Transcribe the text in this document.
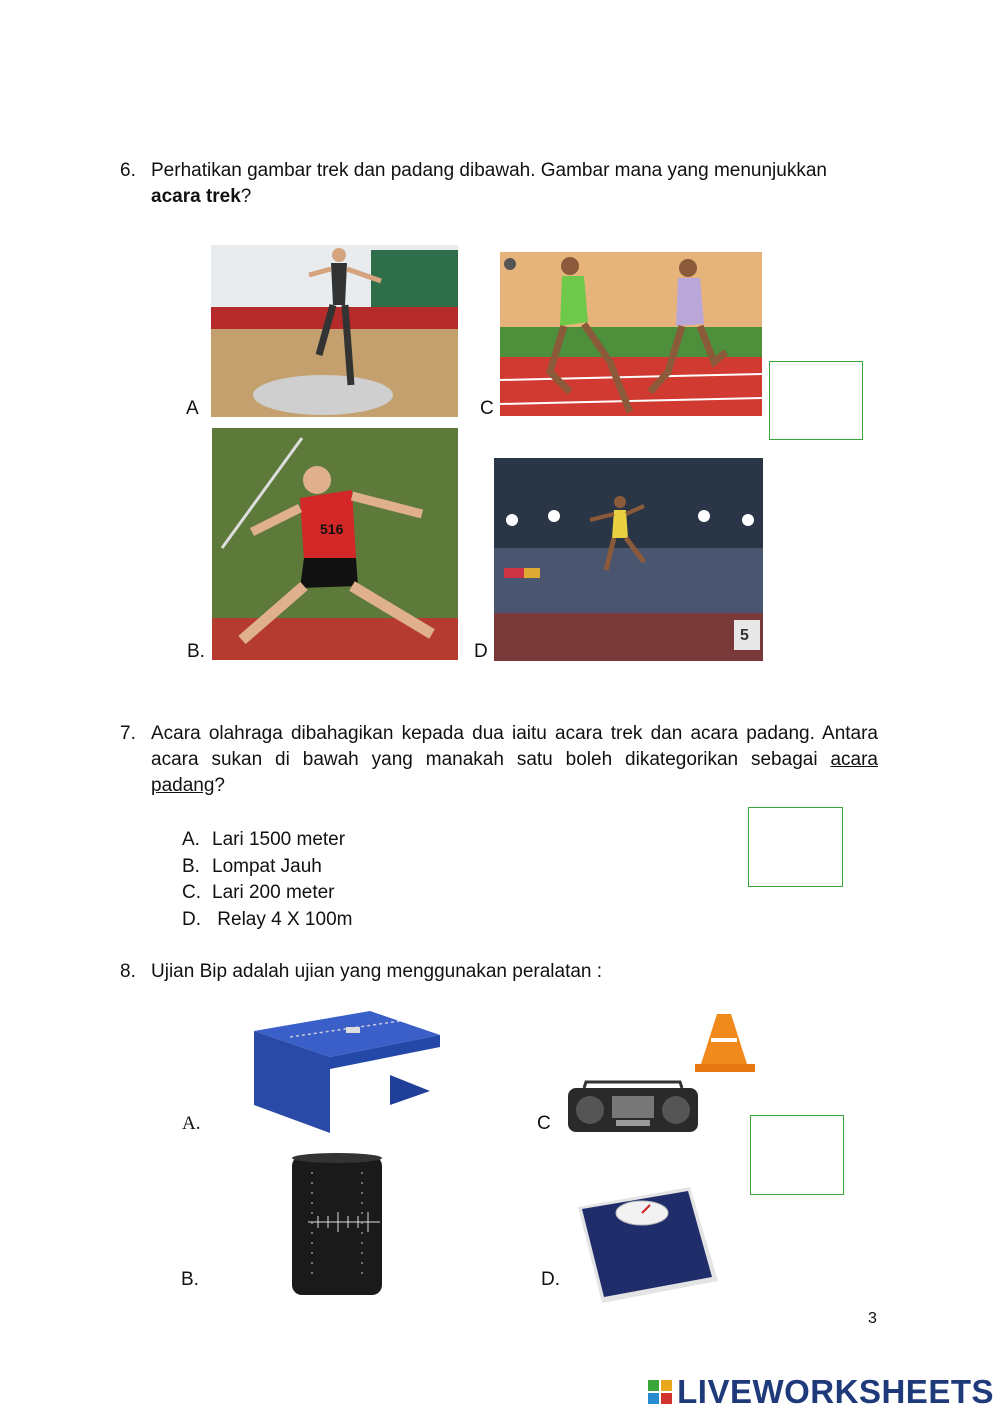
6. Perhatikan gambar trek dan padang dibawah. Gambar mana yang menunjukkan
acara trek?
A	C
516
B.
5
D
7. Acara olahraga dibahagikan kepada dua iaitu acara trek dan acara padang. Antara
acara sukan di bawah yang manakah satu boleh dikategorikan sebagai acara
padang?
A. Lari 1500 meter
B. Lompat Jauh
C. Lari 200 meter
D. Relay 4 X 100m
8. Ujian Bip adalah ujian yang menggunakan peralatan :
A.	C
B.	D.
3
LIVEWORKSHEETS
